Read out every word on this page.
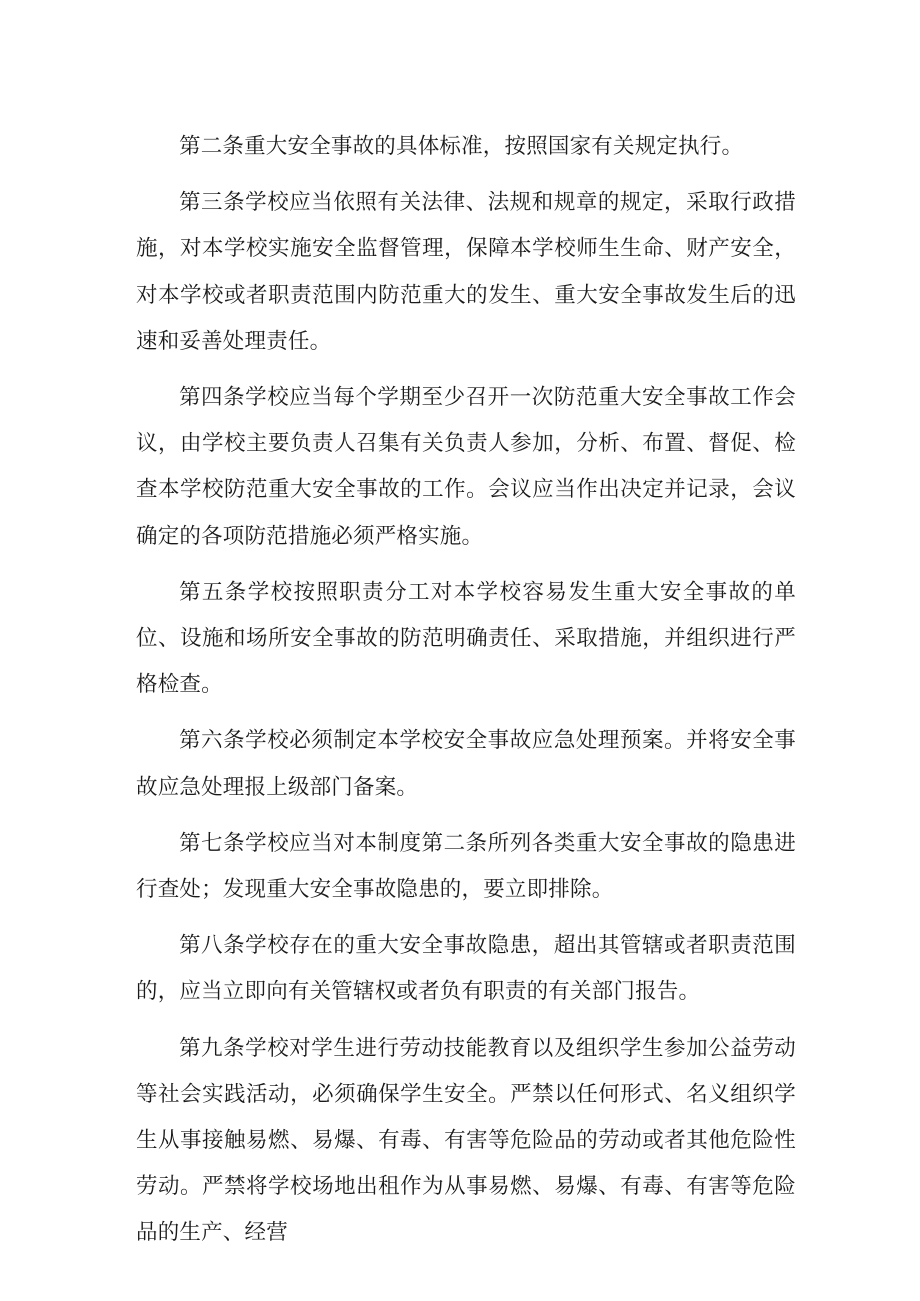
第二条重大安全事故的具体标准，按照国家有关规定执行。

第三条学校应当依照有关法律、法规和规章的规定，采取行政措施，对本学校实施安全监督管理，保障本学校师生生命、财产安全，对本学校或者职责范围内防范重大的发生、重大安全事故发生后的迅速和妥善处理责任。

第四条学校应当每个学期至少召开一次防范重大安全事故工作会议，由学校主要负责人召集有关负责人参加，分析、布置、督促、检查本学校防范重大安全事故的工作。会议应当作出决定并记录，会议确定的各项防范措施必须严格实施。

第五条学校按照职责分工对本学校容易发生重大安全事故的单位、设施和场所安全事故的防范明确责任、采取措施，并组织进行严格检查。

第六条学校必须制定本学校安全事故应急处理预案。并将安全事故应急处理报上级部门备案。

第七条学校应当对本制度第二条所列各类重大安全事故的隐患进行查处；发现重大安全事故隐患的，要立即排除。

第八条学校存在的重大安全事故隐患，超出其管辖或者职责范围的，应当立即向有关管辖权或者负有职责的有关部门报告。

第九条学校对学生进行劳动技能教育以及组织学生参加公益劳动等社会实践活动，必须确保学生安全。严禁以任何形式、名义组织学生从事接触易燃、易爆、有毒、有害等危险品的劳动或者其他危险性劳动。严禁将学校场地出租作为从事易燃、易爆、有毒、有害等危险品的生产、经营
